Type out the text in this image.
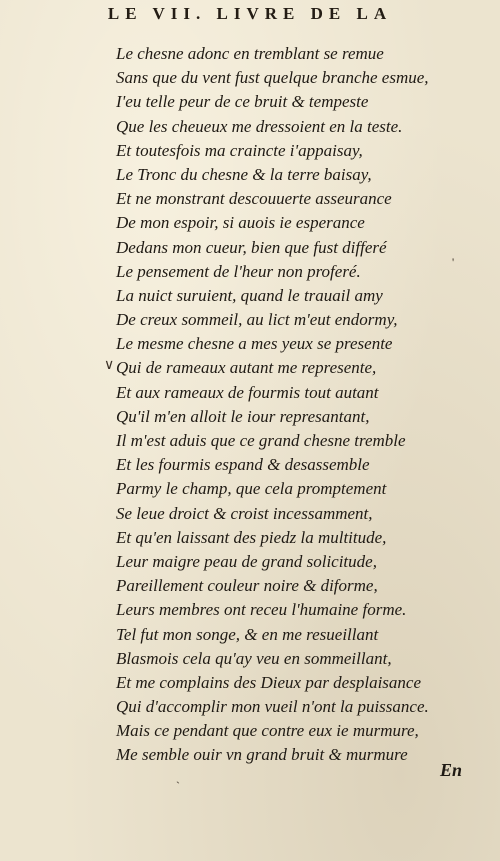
LE VII. LIVRE DE LA
Le chesne adonc en tremblant se remue
Sans que du vent fust quelque branche esmue,
I'eu telle peur de ce bruit & tempeste
Que les cheueux me dressoient en la teste.
Et toutesfois ma craincte i'appaisay,
Le Tronc du chesne & la terre baisay,
Et ne monstrant descouuerte asseurance
De mon espoir, si auois ie esperance
Dedans mon cueur, bien que fust differé
Le pensement de l'heur non proferé.
La nuict suruient, quand le trauail amy
De creux sommeil, au lict m'eut endormy,
Le mesme chesne a mes yeux se presente
Qui de rameaux autant me represente,
Et aux rameaux de fourmis tout autant
Qu'il m'en alloit le iour represantant,
Il m'est aduis que ce grand chesne tremble
Et les fourmis espand & desassemble
Parmy le champ, que cela promptement
Se leue droict & croist incessamment,
Et qu'en laissant des piedz la multitude,
Leur maigre peau de grand solicitude,
Pareillement couleur noire & diforme,
Leurs membres ont receu l'humaine forme.
Tel fut mon songe, & en me resueillant
Blasmois cela qu'ay veu en sommeillant,
Et me complains des Dieux par desplaisance
Qui d'accomplir mon vueil n'ont la puissance.
Mais ce pendant que contre eux ie murmure,
Me semble ouir vn grand bruit & murmure
∨
'
ˎ	En
